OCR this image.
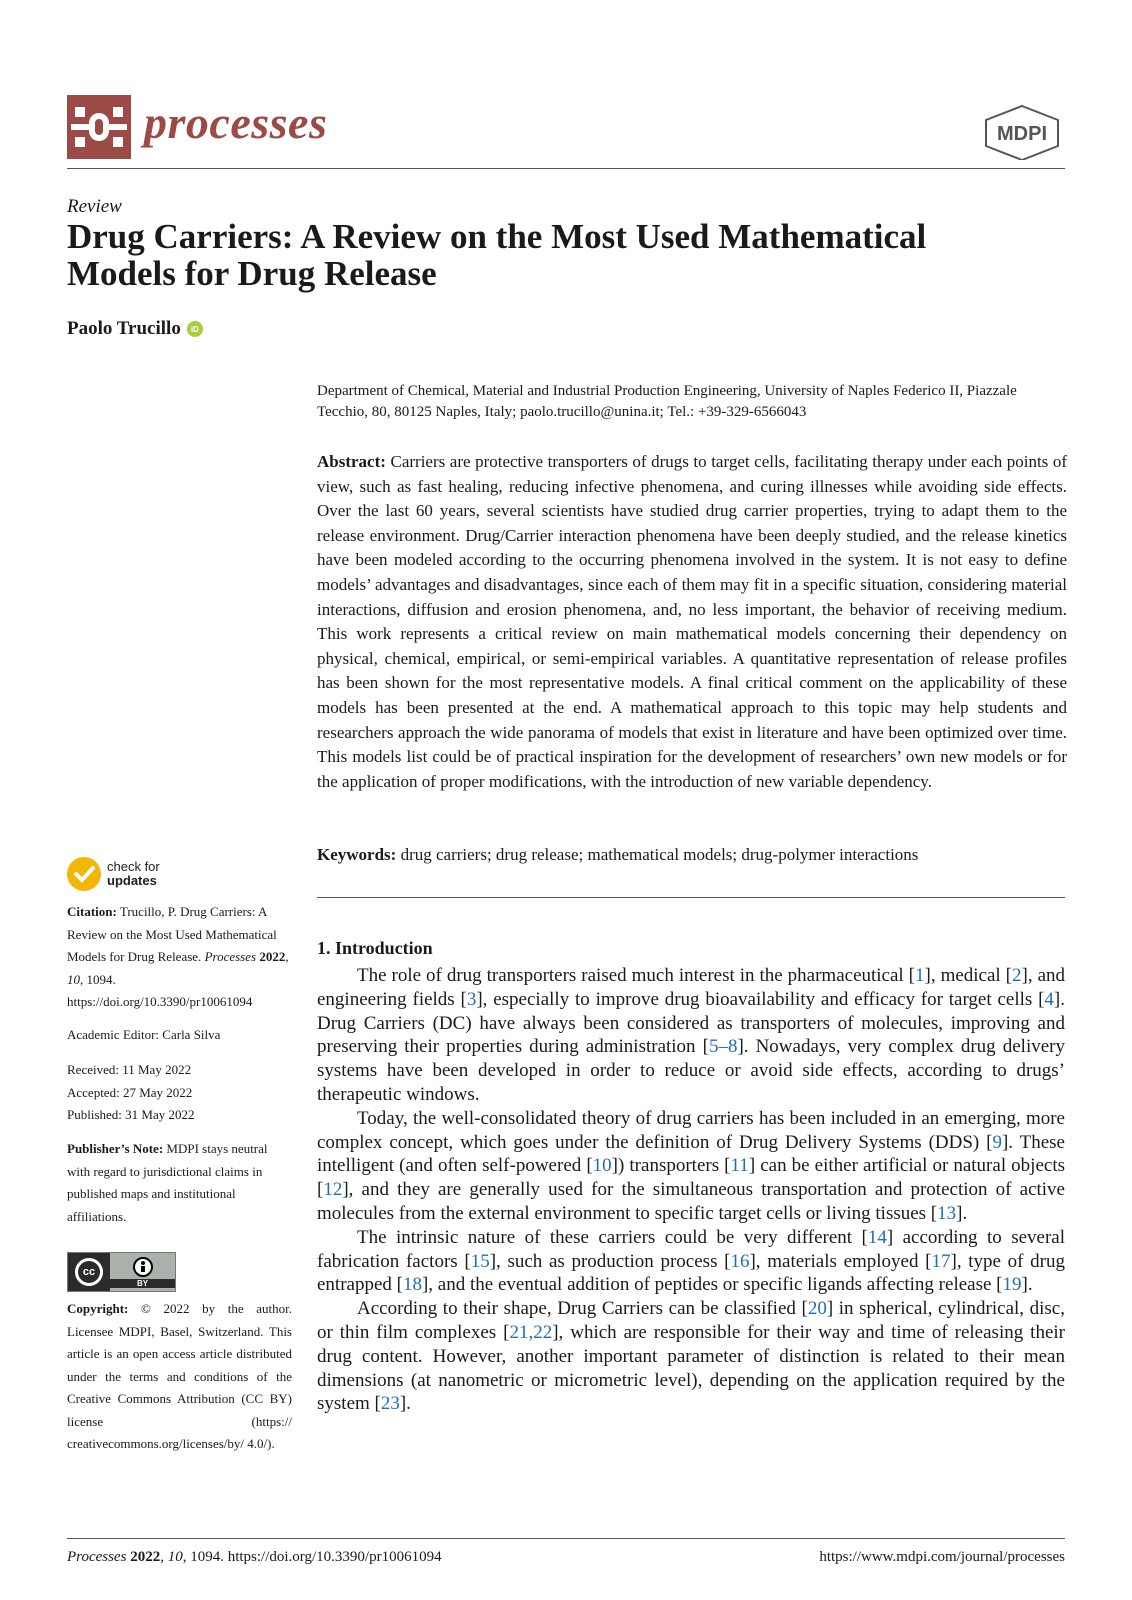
processes	MDPI
Review
Drug Carriers: A Review on the Most Used Mathematical Models for Drug Release
Paolo Trucillo	iD
Department of Chemical, Material and Industrial Production Engineering, University of Naples Federico II, Piazzale Tecchio, 80, 80125 Naples, Italy; paolo.trucillo@unina.it; Tel.: +39-329-6566043
Abstract: Carriers are protective transporters of drugs to target cells, facilitating therapy under each points of view, such as fast healing, reducing infective phenomena, and curing illnesses while avoiding side effects. Over the last 60 years, several scientists have studied drug carrier properties, trying to adapt them to the release environment. Drug/Carrier interaction phenomena have been deeply studied, and the release kinetics have been modeled according to the occurring phenomena involved in the system. It is not easy to define models’ advantages and disadvantages, since each of them may fit in a specific situation, considering material interactions, diffusion and erosion phenomena, and, no less important, the behavior of receiving medium. This work represents a critical review on main mathematical models concerning their dependency on physical, chemical, empirical, or semi-empirical variables. A quantitative representation of release profiles has been shown for the most representative models. A final critical comment on the applicability of these models has been presented at the end. A mathematical approach to this topic may help students and researchers approach the wide panorama of models that exist in literature and have been optimized over time. This models list could be of practical inspiration for the development of researchers’ own new models or for the application of proper modifications, with the introduction of new variable dependency.
Keywords: drug carriers; drug release; mathematical models; drug-polymer interactions
1. Introduction

The role of drug transporters raised much interest in the pharmaceutical [1], medical [2], and engineering fields [3], especially to improve drug bioavailability and efficacy for target cells [4]. Drug Carriers (DC) have always been considered as transporters of molecules, improving and preserving their properties during administration [5–8]. Nowadays, very complex drug delivery systems have been developed in order to reduce or avoid side effects, according to drugs’ therapeutic windows.

Today, the well-consolidated theory of drug carriers has been included in an emerging, more complex concept, which goes under the definition of Drug Delivery Systems (DDS) [9]. These intelligent (and often self-powered [10]) transporters [11] can be either artificial or natural objects [12], and they are generally used for the simultaneous transportation and protection of active molecules from the external environment to specific target cells or living tissues [13].

The intrinsic nature of these carriers could be very different [14] according to several fabrication factors [15], such as production process [16], materials employed [17], type of drug entrapped [18], and the eventual addition of peptides or specific ligands affecting release [19].

According to their shape, Drug Carriers can be classified [20] in spherical, cylindrical, disc, or thin film complexes [21,22], which are responsible for their way and time of releasing their drug content. However, another important parameter of distinction is related to their mean dimensions (at nanometric or micrometric level), depending on the application required by the system [23].

check for
updates
Citation: Trucillo, P. Drug Carriers: A Review on the Most Used Mathematical Models for Drug Release. Processes 2022, 10, 1094. https://doi.org/10.3390/pr10061094
Academic Editor: Carla Silva
Received: 11 May 2022
Accepted: 27 May 2022
Published: 31 May 2022
Publisher’s Note: MDPI stays neutral with regard to jurisdictional claims in published maps and institutional affiliations.
cc
BY
Copyright: © 2022 by the author. Licensee MDPI, Basel, Switzerland. This article is an open access article distributed under the terms and conditions of the Creative Commons Attribution (CC BY) license (https:// creativecommons.org/licenses/by/ 4.0/).
Processes 2022, 10, 1094. https://doi.org/10.3390/pr10061094	https://www.mdpi.com/journal/processes
